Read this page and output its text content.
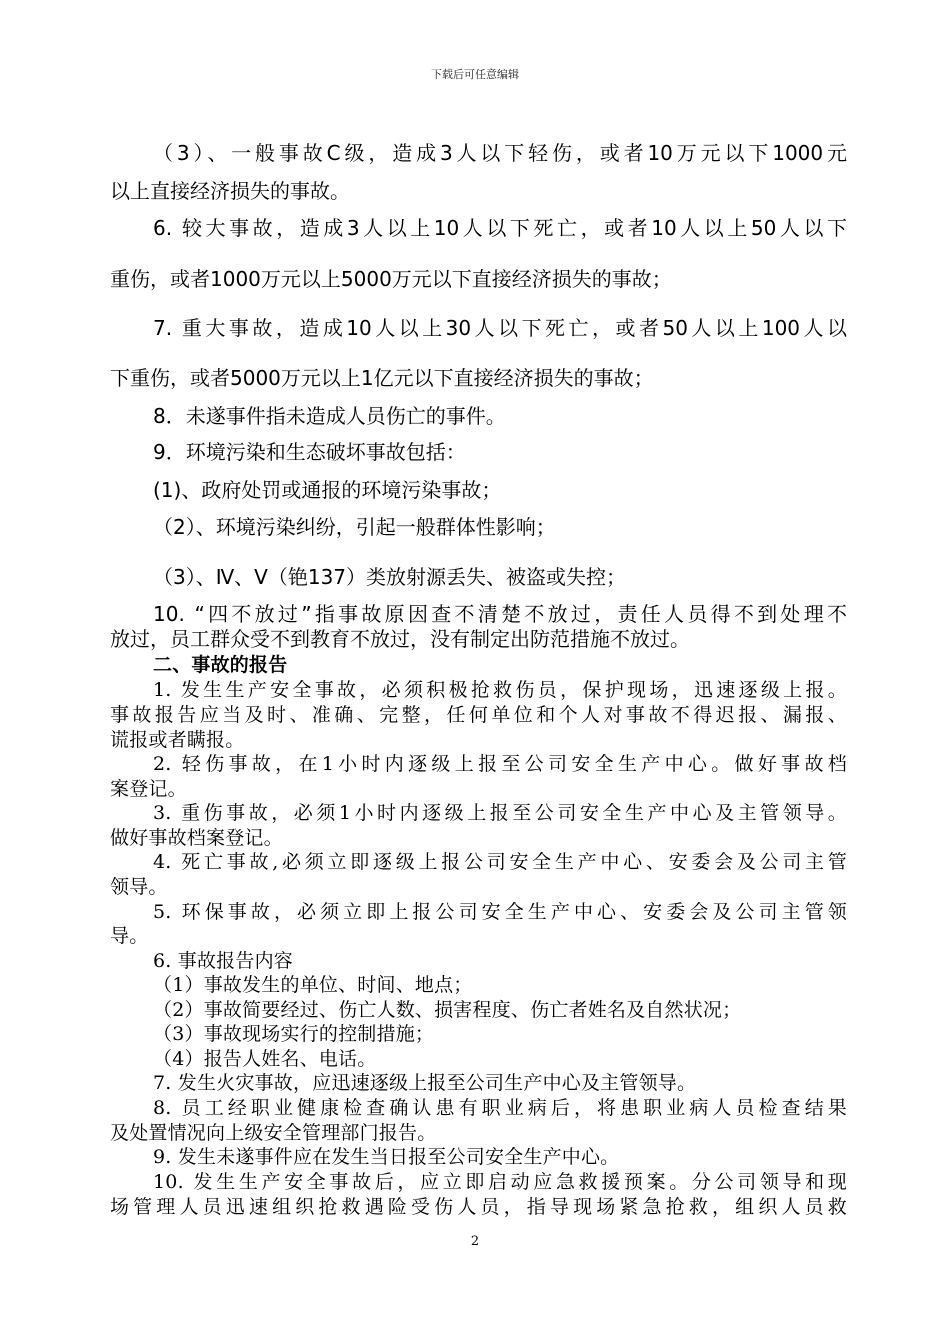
下载后可任意编辑
（3）、一般事故C级，造成3人以下轻伤，或者10万元以下1000元
以上直接经济损失的事故。
6. 较大事故，造成3人以上10人以下死亡，或者10人以上50人以下
重伤，或者1000万元以上5000万元以下直接经济损失的事故；
7. 重大事故，造成10人以上30人以下死亡，或者50人以上100人以
下重伤，或者5000万元以上1亿元以下直接经济损失的事故；
8．未遂事件指未造成人员伤亡的事件。
9．环境污染和生态破坏事故包括：
(1)、政府处罚或通报的环境污染事故；
（2）、环境污染纠纷，引起一般群体性影响；
（3）、Ⅳ、Ⅴ（铯137）类放射源丢失、被盗或失控；
10. “四不放过”指事故原因查不清楚不放过，责任人员得不到处理不
放过，员工群众受不到教育不放过，没有制定出防范措施不放过。
二、事故的报告
1. 发生生产安全事故，必须积极抢救伤员，保护现场，迅速逐级上报。
事故报告应当及时、准确、完整，任何单位和个人对事故不得迟报、漏报、
谎报或者瞒报。
2. 轻伤事故，在1小时内逐级上报至公司安全生产中心。做好事故档
案登记。
3. 重伤事故，必须1小时内逐级上报至公司安全生产中心及主管领导。
做好事故档案登记。
4. 死亡事故,必须立即逐级上报公司安全生产中心、安委会及公司主管
领导。
5. 环保事故，必须立即上报公司安全生产中心、安委会及公司主管领
导。
6. 事故报告内容
（1）事故发生的单位、时间、地点；
（2）事故简要经过、伤亡人数、损害程度、伤亡者姓名及自然状况；
（3）事故现场实行的控制措施；
（4）报告人姓名、电话。
7. 发生火灾事故，应迅速逐级上报至公司生产中心及主管领导。
8. 员工经职业健康检查确认患有职业病后，将患职业病人员检查结果
及处置情况向上级安全管理部门报告。
9. 发生未遂事件应在发生当日报至公司安全生产中心。
10. 发生生产安全事故后，应立即启动应急救援预案。分公司领导和现
场管理人员迅速组织抢救遇险受伤人员，指导现场紧急抢救，组织人员救
2
